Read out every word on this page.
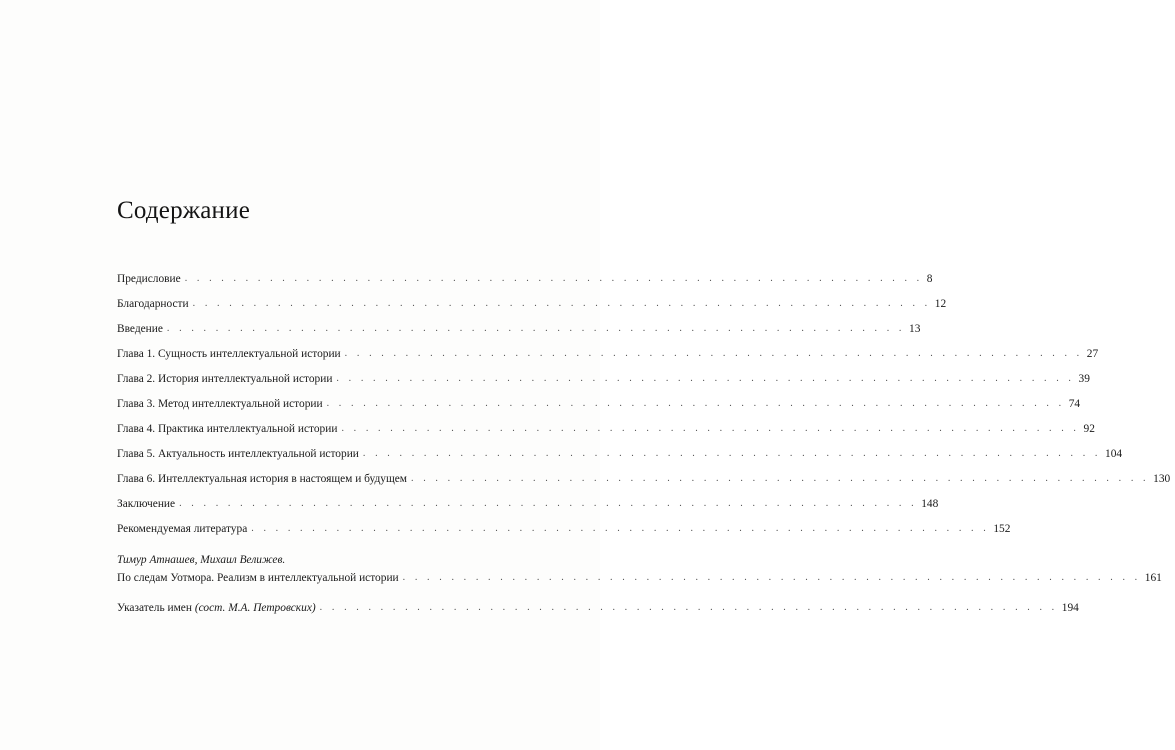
Содержание
Предисловие . . . . . . . . . . . . . . . . . . . . . . . . . . . . . . . . . . . . . . . . . . . . . . . . . . . . . . . . . . . . . 8
Благодарности . . . . . . . . . . . . . . . . . . . . . . . . . . . . . . . . . . . . . . . . . . . . . . . . . . . . . . . . . . . . . 12
Введение . . . . . . . . . . . . . . . . . . . . . . . . . . . . . . . . . . . . . . . . . . . . . . . . . . . . . . . . . . . . . 13
Глава 1. Сущность интеллектуальной истории . . . . . . . . . . . . . . . . . . . . . . . . . . . . . . . . . . . . . . . . . . . . . . . . . . . . . . . . . . . . . 27
Глава 2. История интеллектуальной истории . . . . . . . . . . . . . . . . . . . . . . . . . . . . . . . . . . . . . . . . . . . . . . . . . . . . . . . . . . . . . 39
Глава 3. Метод интеллектуальной истории . . . . . . . . . . . . . . . . . . . . . . . . . . . . . . . . . . . . . . . . . . . . . . . . . . . . . . . . . . . . . 74
Глава 4. Практика интеллектуальной истории . . . . . . . . . . . . . . . . . . . . . . . . . . . . . . . . . . . . . . . . . . . . . . . . . . . . . . . . . . . . . 92
Глава 5. Актуальность интеллектуальной истории . . . . . . . . . . . . . . . . . . . . . . . . . . . . . . . . . . . . . . . . . . . . . . . . . . . . . . . . . . . . . 104
Глава 6. Интеллектуальная история в настоящем и будущем . . . . . . . . . . . . . . . . . . . . . . . . . . . . . . . . . . . . . . . . . . . . . . . . . . . . . . . . . . . . . 130
Заключение . . . . . . . . . . . . . . . . . . . . . . . . . . . . . . . . . . . . . . . . . . . . . . . . . . . . . . . . . . . . . 148
Рекомендуемая литература . . . . . . . . . . . . . . . . . . . . . . . . . . . . . . . . . . . . . . . . . . . . . . . . . . . . . . . . . . . . . 152
Тимур Атнашев, Михаил Велижев.
По следам Уотмора. Реализм в интеллектуальной истории . . . . . . . . . . . . . . . . . . . . . . . . . . . . . . . . . . . . . . . . . . . . . . . . . . . . . . . . . . . . . 161
Указатель имен (сост. М.А. Петровских) . . . . . . . . . . . . . . . . . . . . . . . . . . . . . . . . . . . . . . . . . . . . . . . . . . . . . . . . . . . . . 194
